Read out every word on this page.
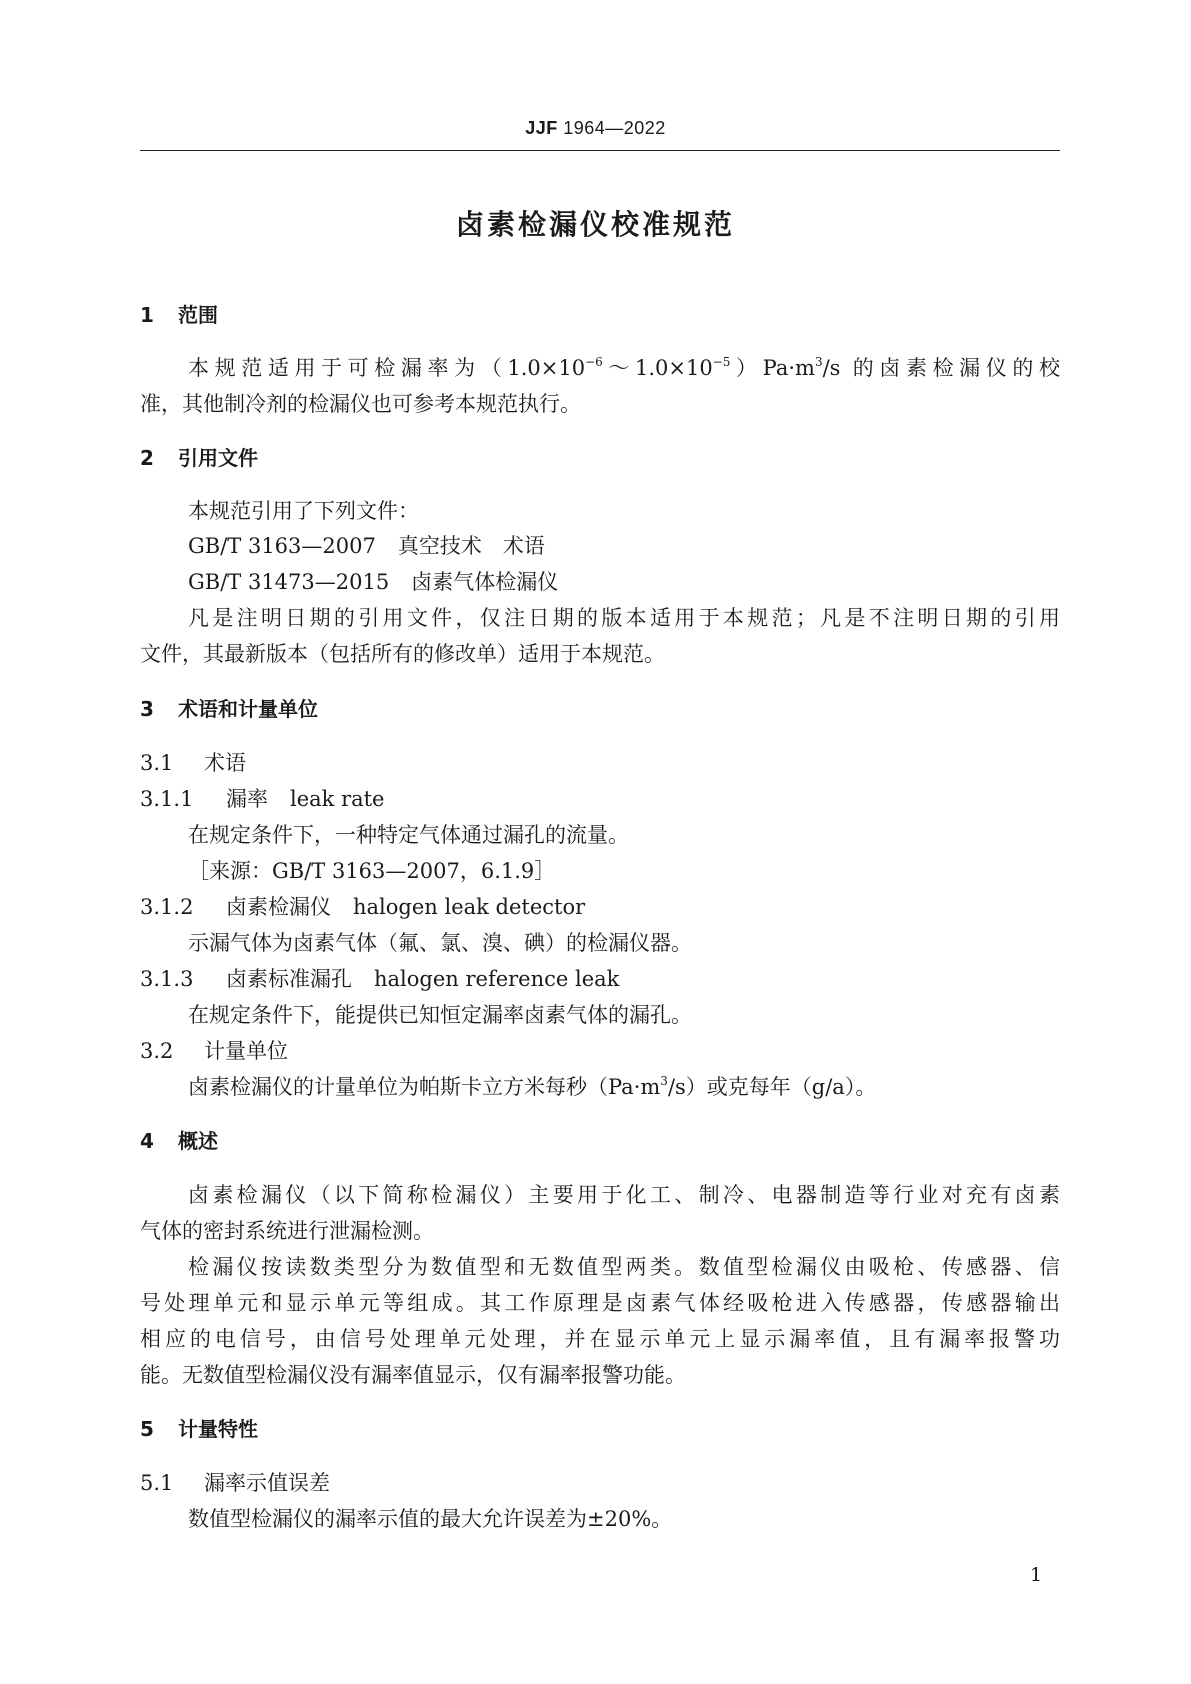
JJF 1964—2022
卤素检漏仪校准规范
1 范围
本规范适用于可检漏率为$(1.0\times 10^{-6}\sim 1.0\times 10^{-5})Pa\cdot m^3/s$ 的卤素检漏仪的校
准，其他制冷剂的检漏仪也可参考本规范执行。
2 引用文件
本规范引用了下列文件：
GB/T 3163—2007 真空技术　术语
GB/T 31473—2015 卤素气体检漏仪
凡是注明日期的引用文件，仅注日期的版本适用于本规范；凡是不注明日期的引用
文件，其最新版本（包括所有的修改单）适用于本规范。
3 术语和计量单位
3.1 术语
3.1.1 漏率 leak rate
在规定条件下，一种特定气体通过漏孔的流量。
［来源：GB/T 3163—2007，6.1.9］
3.1.2 卤素检漏仪 halogen leak detector
示漏气体为卤素气体（氟、氯、溴、碘）的检漏仪器。
3.1.3 卤素标准漏孔 halogen reference leak
在规定条件下，能提供已知恒定漏率卤素气体的漏孔。
3.2 计量单位
卤素检漏仪的计量单位为帕斯卡立方米每秒$(Pa\cdot m^3/s)$或克每年（g/a）。
4 概述
卤素检漏仪（以下简称检漏仪）主要用于化工、制冷、电器制造等行业对充有卤素
气体的密封系统进行泄漏检测。
检漏仪按读数类型分为数值型和无数值型两类。数值型检漏仪由吸枪、传感器、信
号处理单元和显示单元等组成。其工作原理是卤素气体经吸枪进入传感器，传感器输出
相应的电信号，由信号处理单元处理，并在显示单元上显示漏率值，且有漏率报警功
能。无数值型检漏仪没有漏率值显示，仅有漏率报警功能。
5 计量特性
5.1 漏率示值误差
数值型检漏仪的漏率示值的最大允许误差为±20%。
1
